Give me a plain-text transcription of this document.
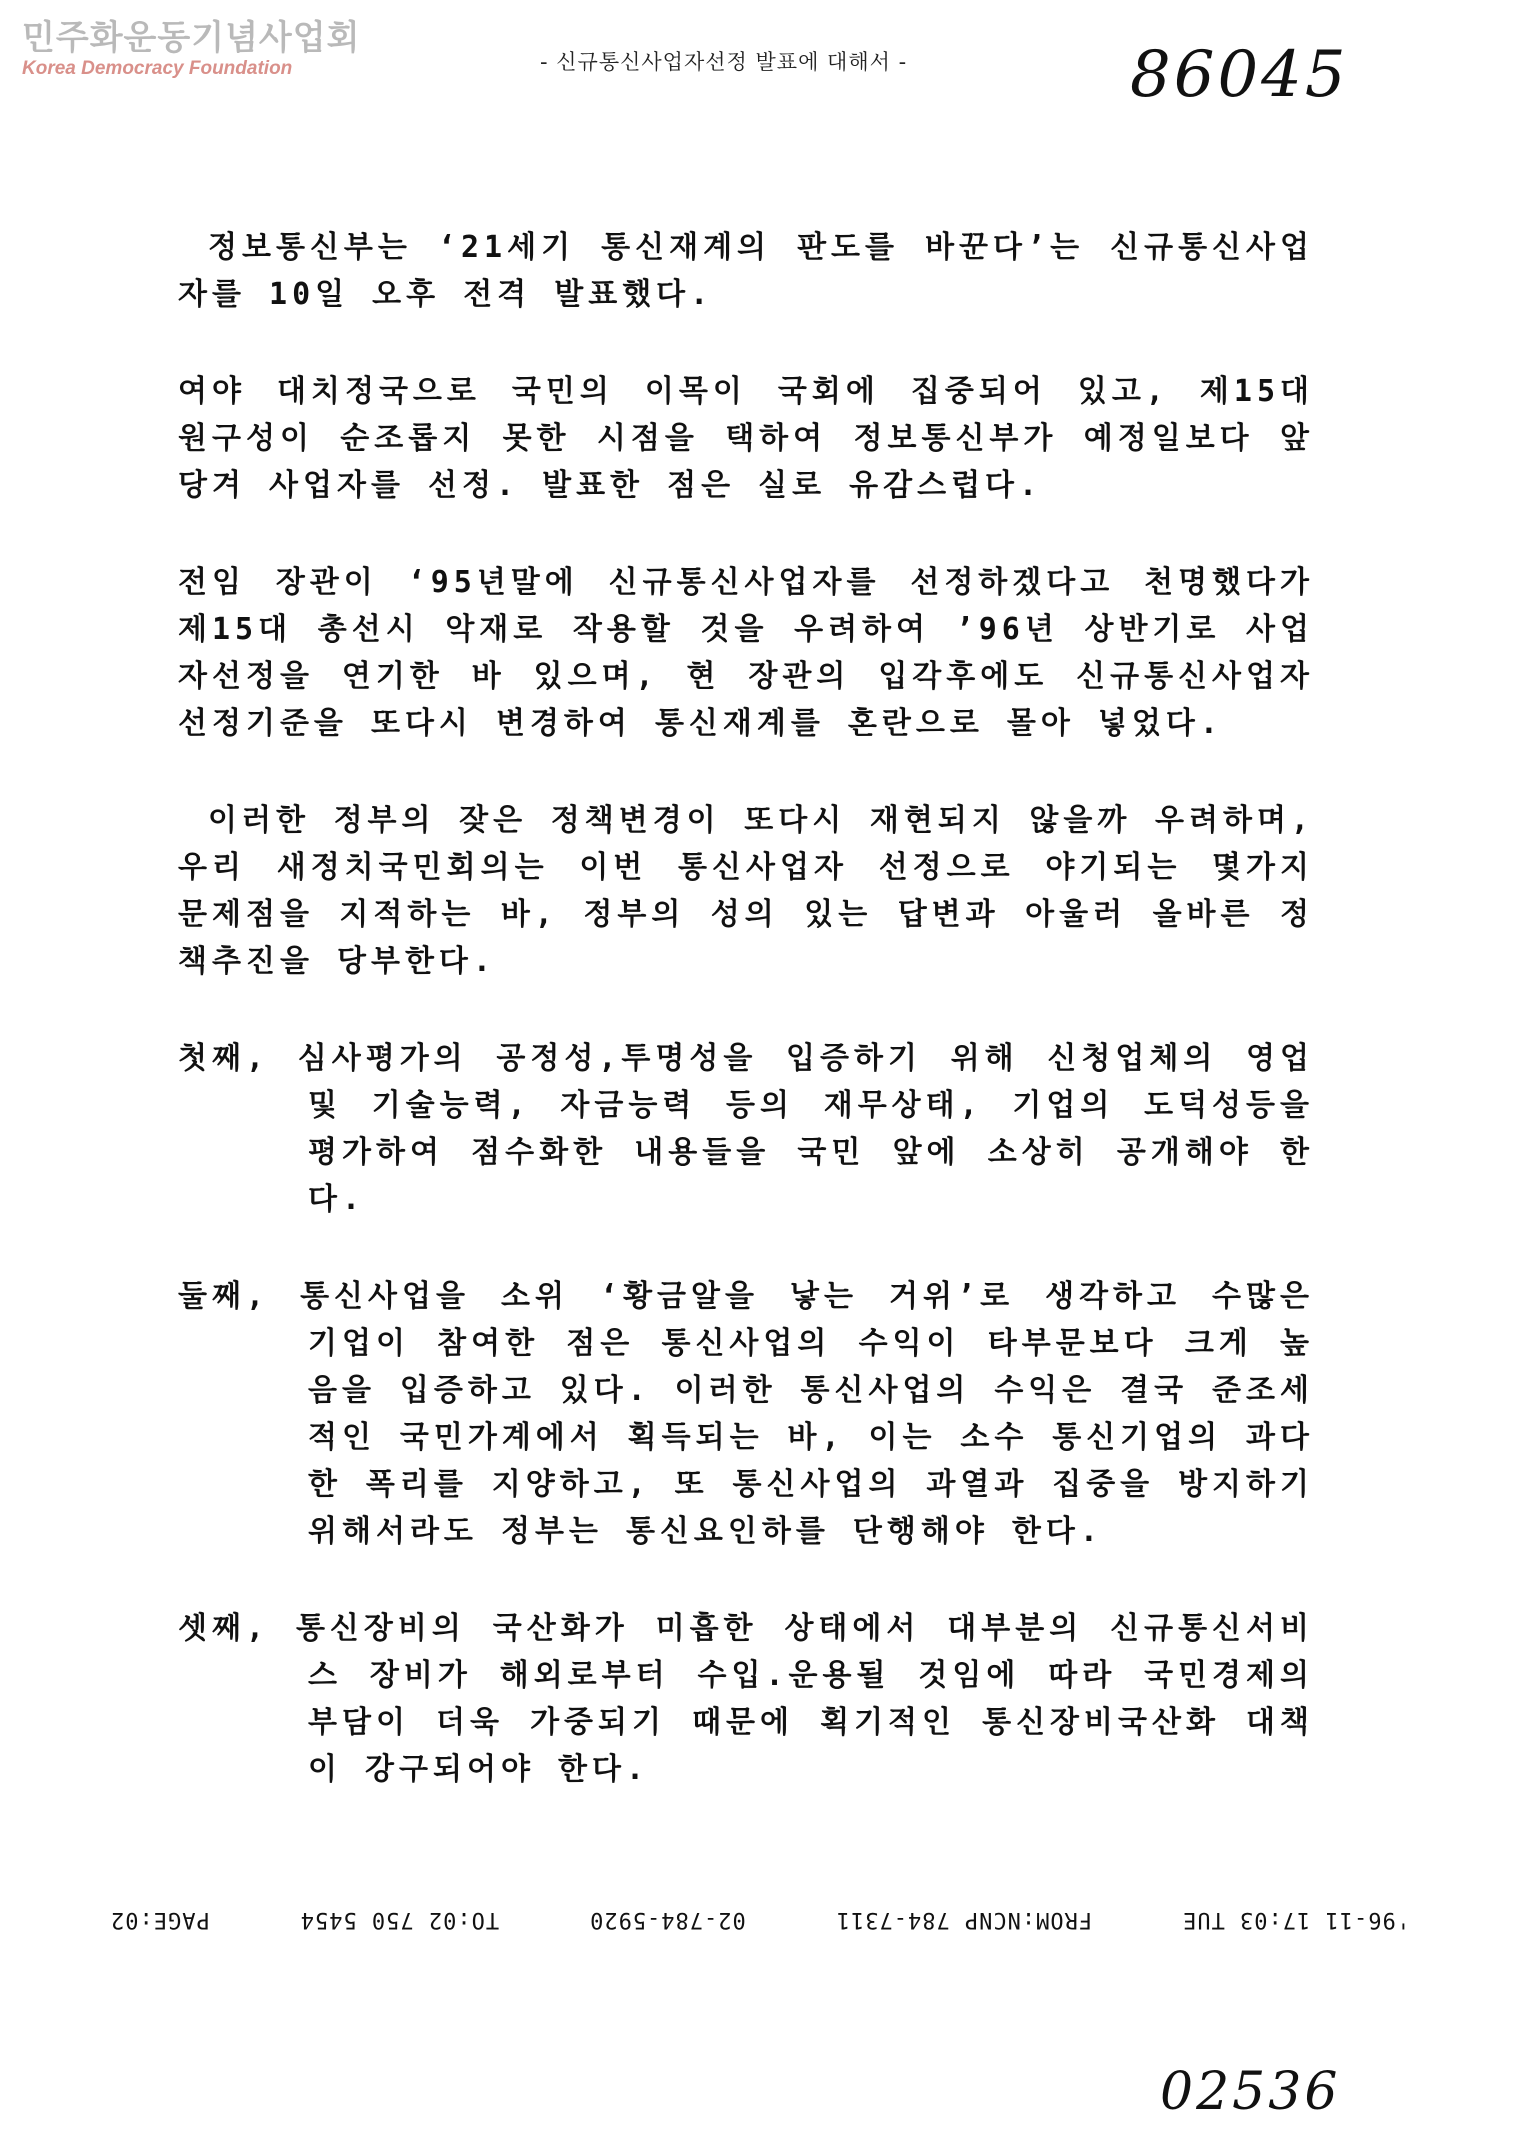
민주화운동기념사업회
Korea Democracy Foundation	- 신규통신사업자선정 발표에 대해서 -	86045

정보통신부는 ‘21세기 통신재계의 판도를 바꾼다’는 신규통신사업자를 10일 오후 전격 발표했다.

여야 대치정국으로 국민의 이목이 국회에 집중되어 있고, 제15대 원구성이 순조롭지 못한 시점을 택하여 정보통신부가 예정일보다 앞당겨 사업자를 선정. 발표한 점은 실로 유감스럽다.

전임 장관이 ‘95년말에 신규통신사업자를 선정하겠다고 천명했다가 제15대 총선시 악재로 작용할 것을 우려하여 ’96년 상반기로 사업자선정을 연기한 바 있으며, 현 장관의 입각후에도 신규통신사업자 선정기준을 또다시 변경하여 통신재계를 혼란으로 몰아 넣었다.

이러한 정부의 잦은 정책변경이 또다시 재현되지 않을까 우려하며, 우리 새정치국민회의는 이번 통신사업자 선정으로 야기되는 몇가지 문제점을 지적하는 바, 정부의 성의 있는 답변과 아울러 올바른 정책추진을 당부한다.

첫째, 심사평가의 공정성,투명성을 입증하기 위해 신청업체의 영업 및 기술능력, 자금능력 등의 재무상태, 기업의 도덕성등을 평가하여 점수화한 내용들을 국민 앞에 소상히 공개해야 한다.

둘째, 통신사업을 소위 ‘황금알을 낳는 거위’로 생각하고 수많은 기업이 참여한 점은 통신사업의 수익이 타부문보다 크게 높음을 입증하고 있다. 이러한 통신사업의 수익은 결국 준조세적인 국민가계에서 획득되는 바, 이는 소수 통신기업의 과다한 폭리를 지양하고, 또 통신사업의 과열과 집중을 방지하기 위해서라도 정부는 통신요인하를 단행해야 한다.

셋째, 통신장비의 국산화가 미흡한 상태에서 대부분의 신규통신서비스 장비가 해외로부터 수입.운용될 것임에 따라 국민경제의 부담이 더욱 가중되기 때문에 획기적인 통신장비국산화 대책이 강구되어야 한다.

'96-11 17:03 TUE
FROM:NCNP 784-7311
02-784-5920
TO:02 750 5454
PAGE:02
02536
